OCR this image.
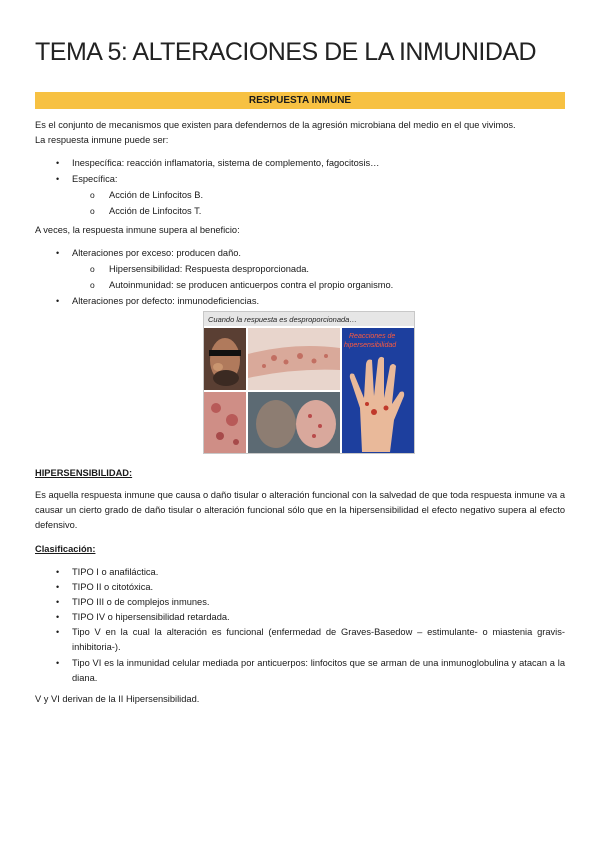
TEMA 5: ALTERACIONES DE LA INMUNIDAD
RESPUESTA INMUNE

Es el conjunto de mecanismos que existen para defendernos de la agresión microbiana del medio en el que vivimos.

La respuesta inmune puede ser:

• Inespecífica: reacción inflamatoria, sistema de complemento, fagocitosis…
• Específica:
o Acción de Linfocitos B.
o Acción de Linfocitos T.

A veces, la respuesta inmune supera al beneficio:

• Alteraciones por exceso: producen daño.
o Hipersensibilidad: Respuesta desproporcionada.
o Autoinmunidad: se producen anticuerpos contra el propio organismo.
• Alteraciones por defecto: inmunodeficiencias.
Cuando la respuesta es desproporcionada…
Reacciones de
hipersensibilidad

HIPERSENSIBILIDAD:

Es aquella respuesta inmune que causa o daño tisular o alteración funcional con la salvedad de que toda respuesta inmune va a causar un cierto grado de daño tisular o alteración funcional sólo que en la hipersensibilidad el efecto negativo supera al efecto defensivo.

Clasificación:

• TIPO I o anafiláctica.
• TIPO II o citotóxica.
• TIPO III o de complejos inmunes.
• TIPO IV o hipersensibilidad retardada.
• Tipo V en la cual la alteración es funcional (enfermedad de Graves-Basedow – estimulante- o miastenia gravis-inhibitoria-).
• Tipo VI es la inmunidad celular mediada por anticuerpos: linfocitos que se arman de una inmunoglobulina y atacan a la diana.

V y VI derivan de la II Hipersensibilidad.
